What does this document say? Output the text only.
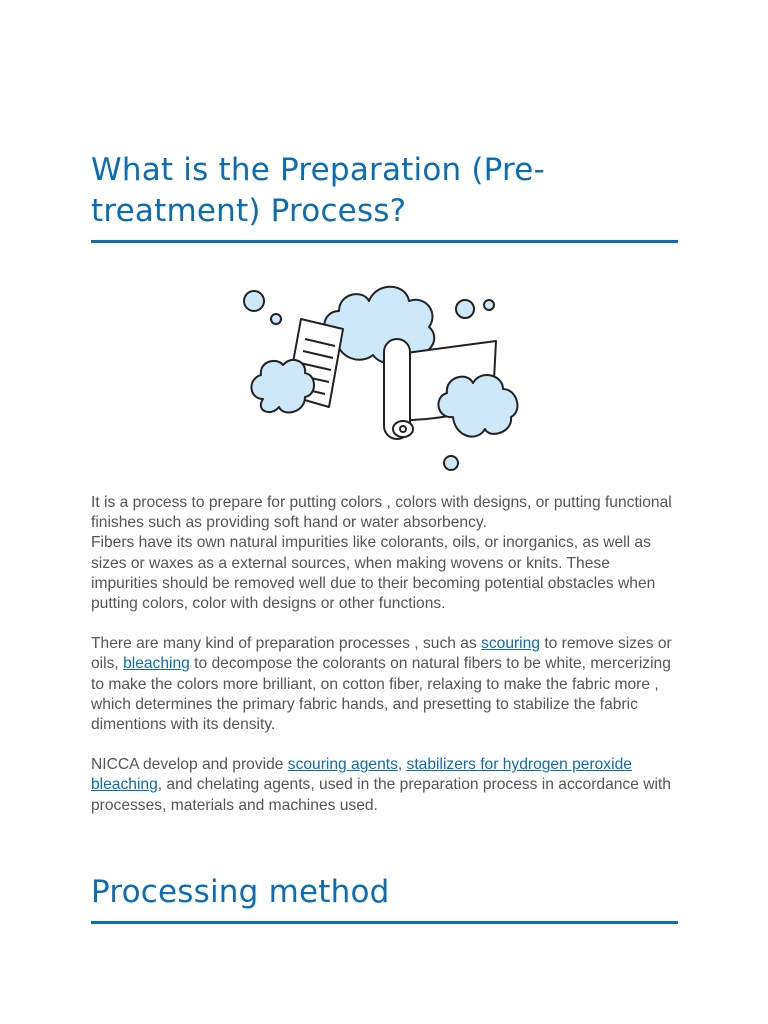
What is the Preparation (Pre-treatment) Process?

It is a process to prepare for putting colors , colors with designs, or putting functional finishes such as providing soft hand or water absorbency.
Fibers have its own natural impurities like colorants, oils, or inorganics, as well as sizes or waxes as a external sources, when making wovens or knits. These impurities should be removed well due to their becoming potential obstacles when putting colors, color with designs or other functions.

There are many kind of preparation processes , such as scouring to remove sizes or oils, bleaching to decompose the colorants on natural fibers to be white, mercerizing to make the colors more brilliant, on cotton fiber, relaxing to make the fabric more , which determines the primary fabric hands, and presetting to stabilize the fabric dimentions with its density.

NICCA develop and provide scouring agents, stabilizers for hydrogen peroxide bleaching, and chelating agents, used in the preparation process in accordance with processes, materials and machines used.

Processing method
